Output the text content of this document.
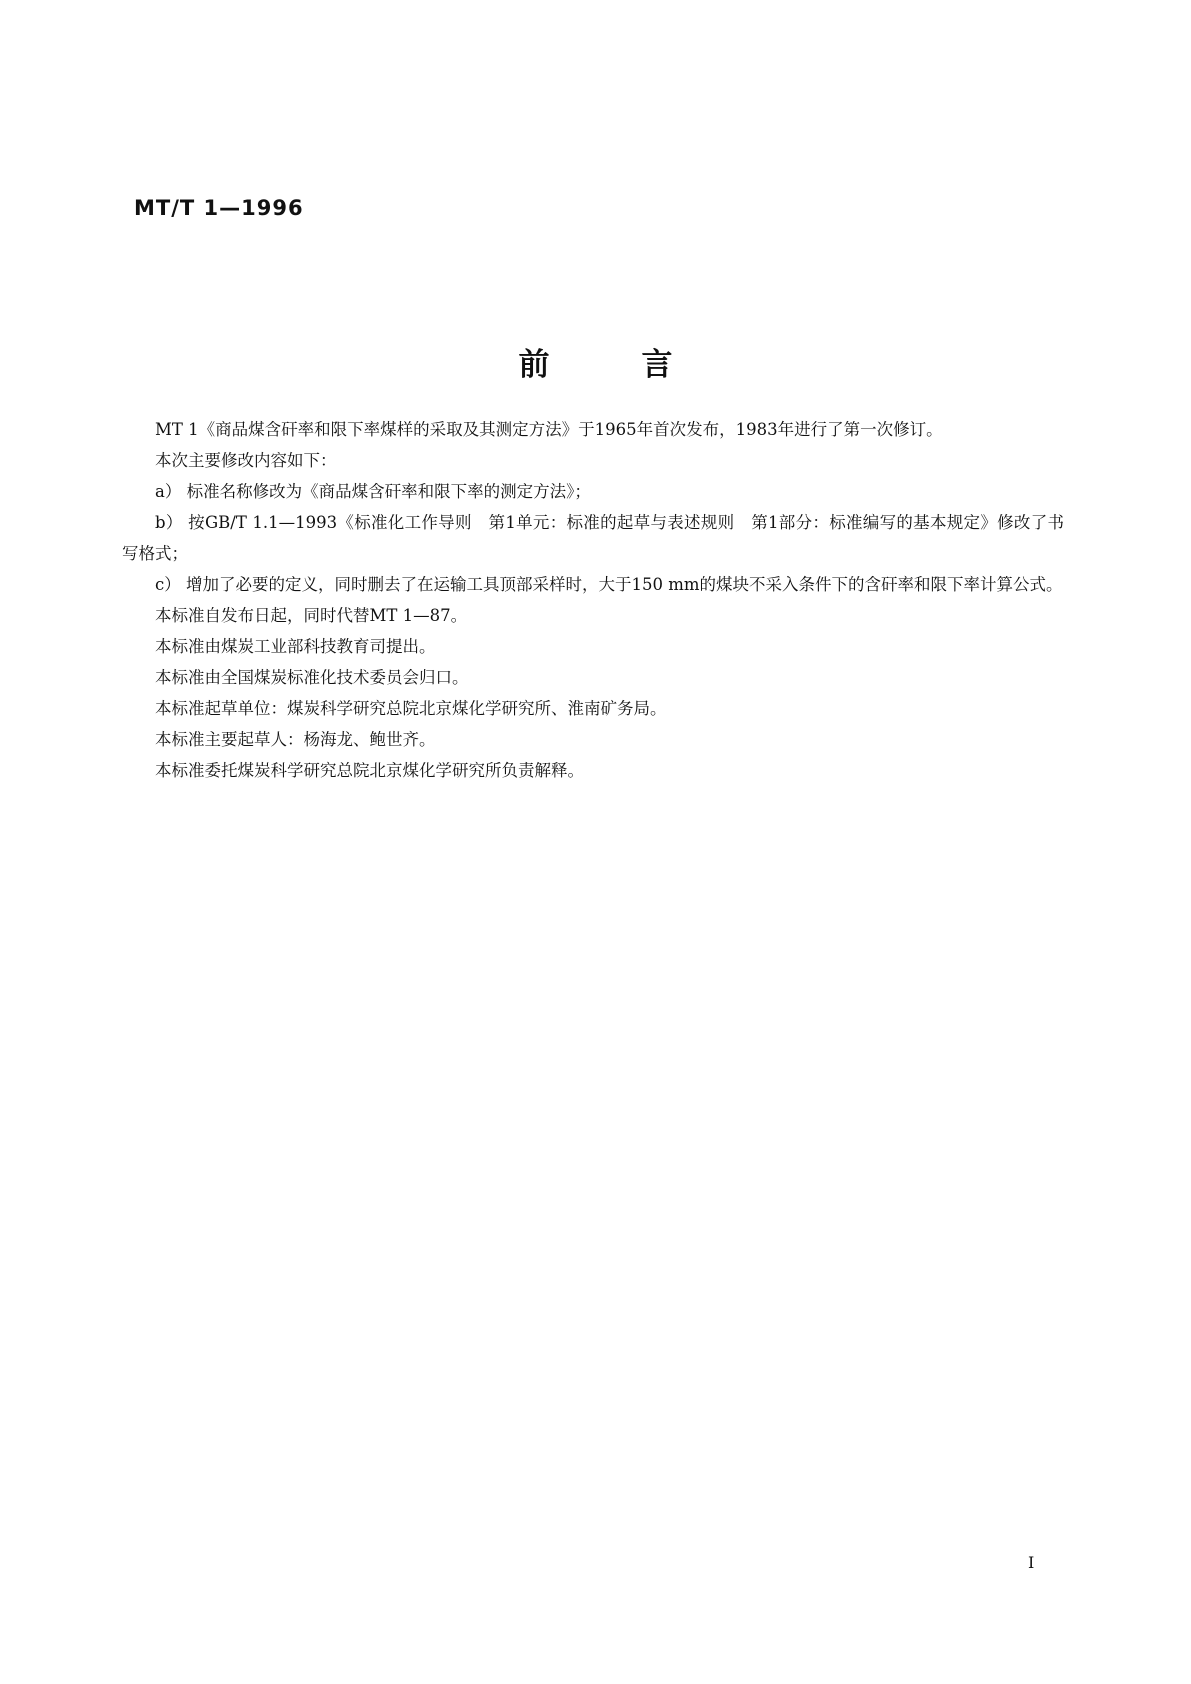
MT/T 1—1996
前	言

MT 1《商品煤含矸率和限下率煤样的采取及其测定方法》于1965年首次发布，1983年进行了第一次修订。

本次主要修改内容如下：

a） 标准名称修改为《商品煤含矸率和限下率的测定方法》；

b） 按GB/T 1.1—1993《标准化工作导则　第1单元：标准的起草与表述规则　第1部分：标准编写的基本规定》修改了书写格式；

c） 增加了必要的定义，同时删去了在运输工具顶部采样时，大于150 mm的煤块不采入条件下的含矸率和限下率计算公式。

本标准自发布日起，同时代替MT 1—87。

本标准由煤炭工业部科技教育司提出。

本标准由全国煤炭标准化技术委员会归口。

本标准起草单位：煤炭科学研究总院北京煤化学研究所、淮南矿务局。

本标准主要起草人：杨海龙、鲍世齐。

本标准委托煤炭科学研究总院北京煤化学研究所负责解释。

I
